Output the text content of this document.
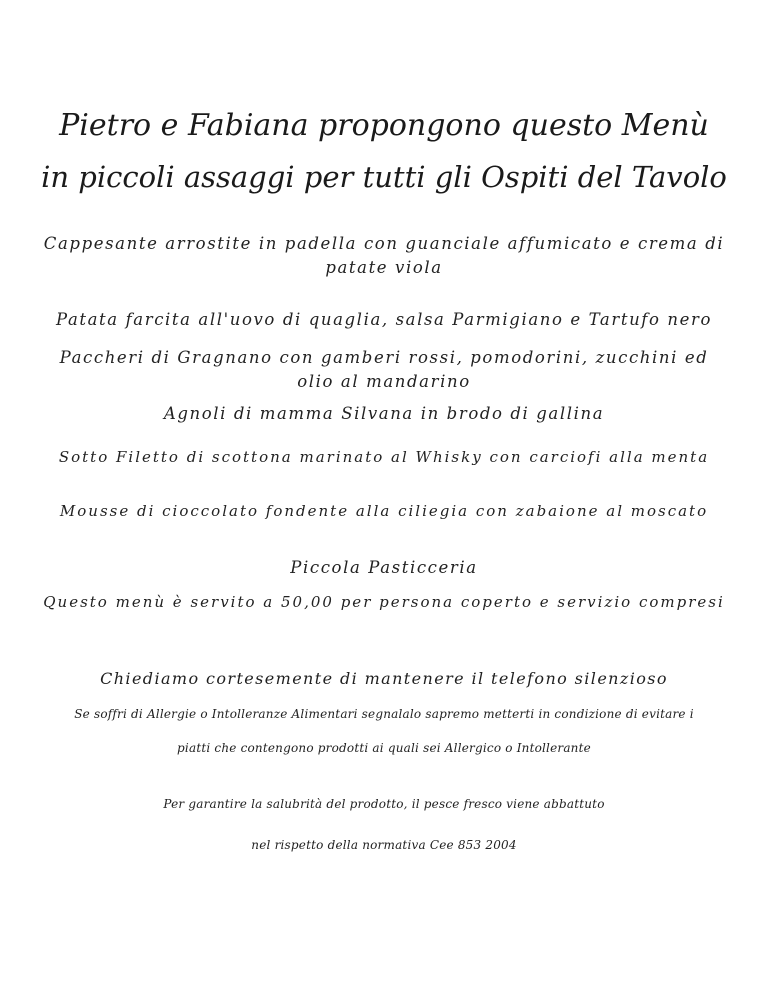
Pietro e Fabiana propongono questo Menù
in piccoli assaggi per tutti gli Ospiti del Tavolo
Cappesante arrostite in padella con guanciale affumicato e crema di
patate viola
Patata farcita all'uovo di quaglia, salsa Parmigiano e Tartufo nero
Paccheri di Gragnano con gamberi rossi, pomodorini, zucchini ed
olio al mandarino
Agnoli di mamma Silvana in brodo di gallina
Sotto Filetto di scottona marinato al Whisky con carciofi alla menta
Mousse di cioccolato fondente alla ciliegia con zabaione al moscato
Piccola Pasticceria
Questo menù è servito a 50,00 per persona coperto e servizio compresi
Chiediamo cortesemente di mantenere il telefono silenzioso
Se soffri di Allergie o Intolleranze Alimentari segnalalo sapremo metterti in condizione di evitare i
piatti che contengono prodotti ai quali sei Allergico o Intollerante
Per garantire la salubrità del prodotto, il pesce fresco viene abbattuto
nel rispetto della normativa Cee 853 2004
